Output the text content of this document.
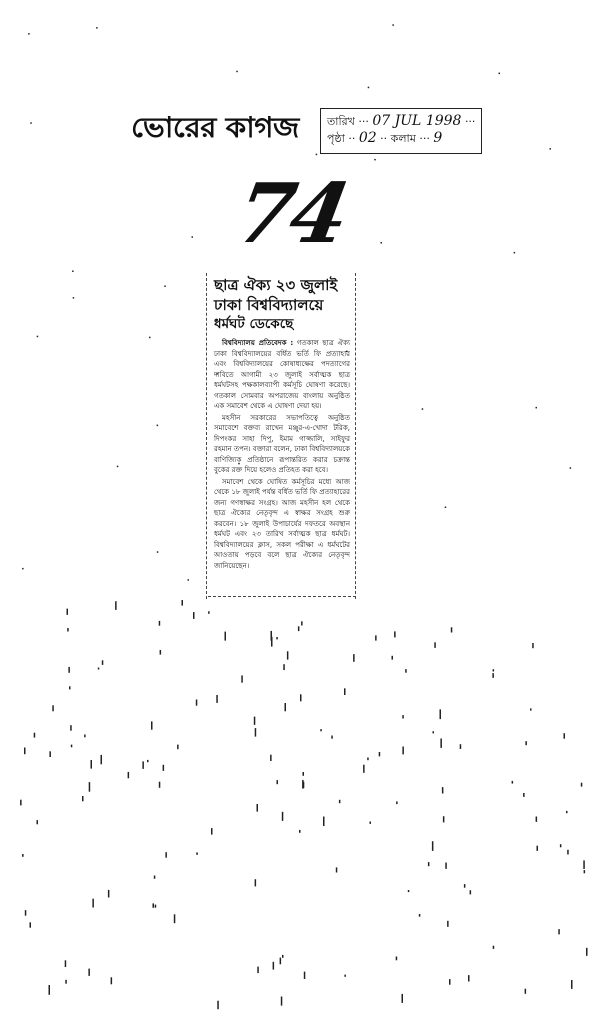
ভোরের কাগজ	তারিখ ··· 07 JUL 1998 ···
পৃষ্ঠা ·· 02 ·· কলাম ··· 9
74
ছাত্র ঐক্য ২৩ জুলাই
ঢাকা বিশ্ববিদ্যালয়ে
ধর্মঘট ডেকেছে

বিশ্ববিদ্যালয় প্রতিবেদক : গতকাল ছাত্র ঐক্য ঢাকা বিশ্ববিদ্যালয়ের বর্ধিত ভর্তি ফি প্রত্যাহার এবং বিশ্ববিদ্যালয়ের কোষাধ্যক্ষের পদত্যাগের দাবিতে আগামী ২৩ জুলাই সর্বাত্মক ছাত্র ধর্মঘটসহ পক্ষকালব্যাপী কর্মসূচি ঘোষণা করেছে। গতকাল সোমবার অপরাজেয় বাংলায় অনুষ্ঠিত এক সমাবেশ থেকে এ ঘোষণা দেয়া হয়।

মহসীন সরকারের সভাপতিত্বে অনুষ্ঠিত সমাবেশে বক্তব্য রাখেন মঞ্জুর-এ-খোদা টরিক, দিপংকর সাহা দিপু, ইমাম গাজ্জালি, সাইফুর রহমান তপন। বক্তারা বলেন, ঢাকা বিশ্ববিদ্যালয়কে বাণিজ্যিক প্রতিষ্ঠানে রূপান্তরিত করার চক্রান্ত বুকের রক্ত দিয়ে হলেও প্রতিহত করা হবে।

সমাবেশ থেকে ঘোষিত কর্মসূচির মধ্যে আজ থেকে ১৮ জুলাই পর্যন্ত বর্ধিত ভর্তি ফি প্রত্যাহারের জন্য গণস্বাক্ষর সংগ্রহ। আজ মহসীন হল থেকে ছাত্র ঐক্যের নেতৃবৃন্দ এ স্বাক্ষর সংগ্রহ শুরু করবেন। ১৮ জুলাই উপাচার্যের দফতরে অবস্থান ধর্মঘট এবং ২৩ তারিখ সর্বাত্মক ছাত্র ধর্মঘট। বিশ্ববিদ্যালয়ের ক্লাস, সকল পরীক্ষা এ ধর্মঘটের আওতায় পড়বে বলে ছাত্র ঐক্যের নেতৃবৃন্দ জানিয়েছেন।
